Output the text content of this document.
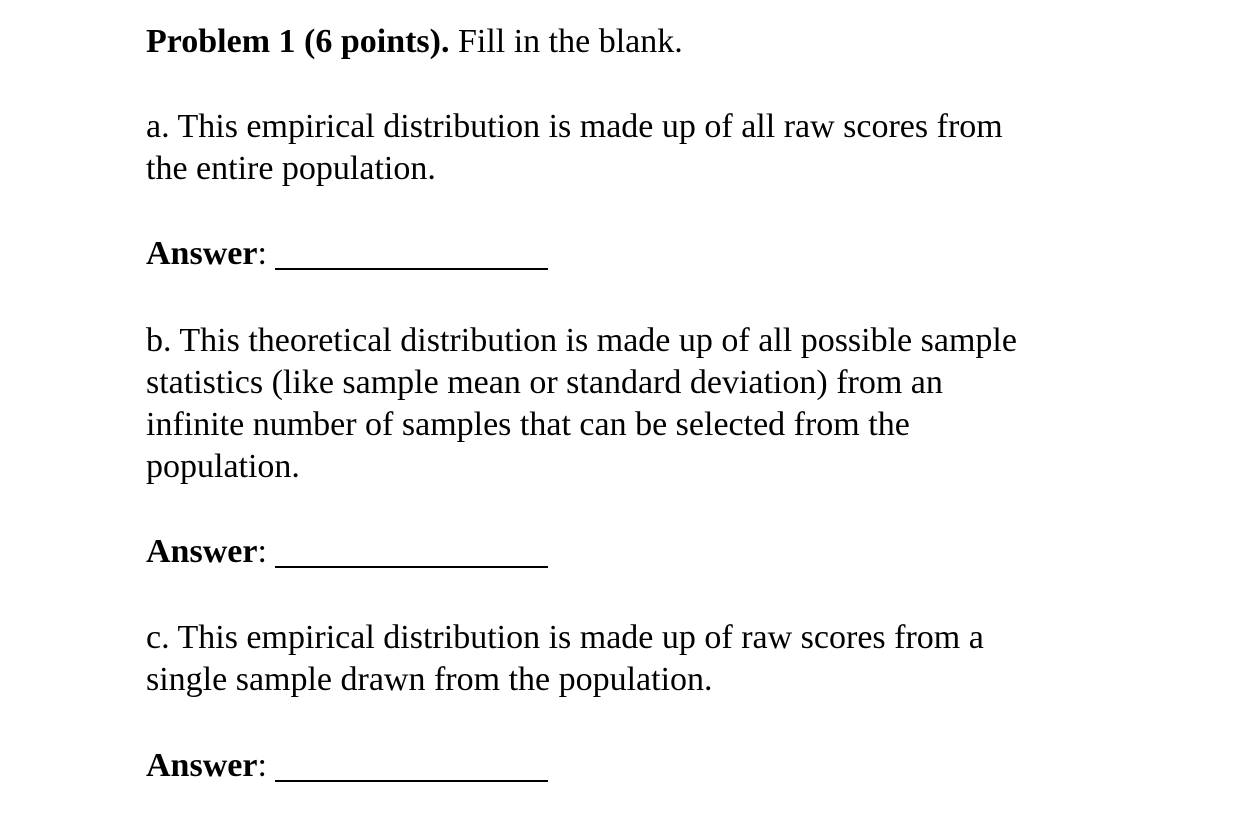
Problem 1 (6 points). Fill in the blank.
a. This empirical distribution is made up of all raw scores from
the entire population.
Answer:
b. This theoretical distribution is made up of all possible sample
statistics (like sample mean or standard deviation) from an
infinite number of samples that can be selected from the
population.
Answer:
c. This empirical distribution is made up of raw scores from a
single sample drawn from the population.
Answer:
